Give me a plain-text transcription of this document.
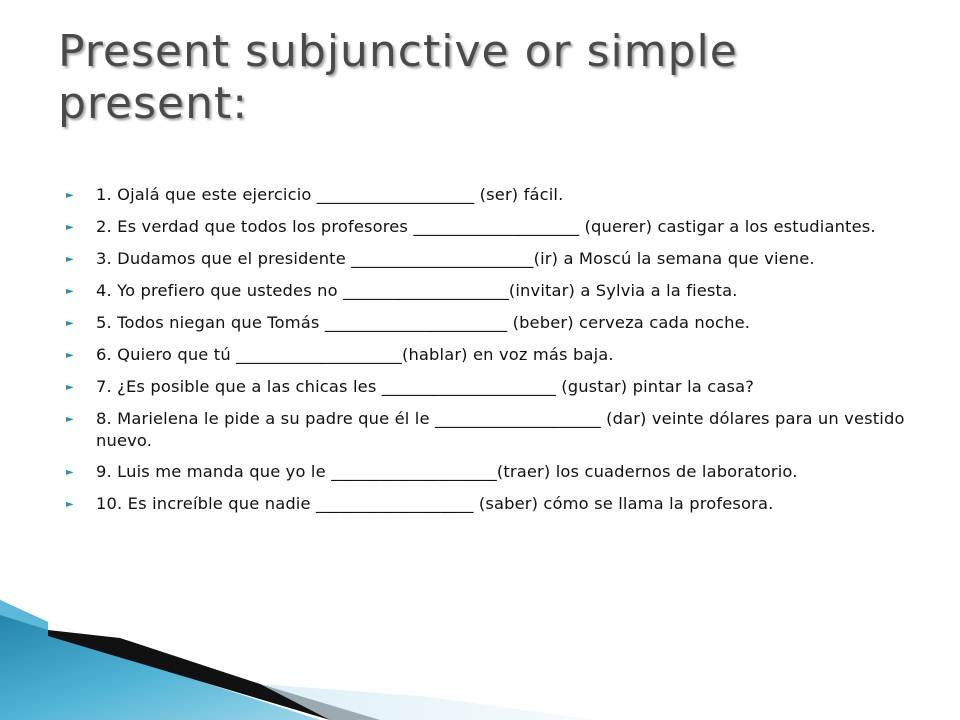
Present subjunctive or simple present:
►	1. Ojalá que este ejercicio ___________________ (ser) fácil.
►	2. Es verdad que todos los profesores ____________________ (querer) castigar a los estudiantes.
►	3. Dudamos que el presidente ______________________(ir) a Moscú la semana que viene.
►	4. Yo prefiero que ustedes no ____________________(invitar) a Sylvia a la fiesta.
►	5. Todos niegan que Tomás ______________________ (beber) cerveza cada noche.
►	6. Quiero que tú ____________________(hablar) en voz más baja.
►	7. ¿Es posible que a las chicas les _____________________ (gustar) pintar la casa?
►	8. Marielena le pide a su padre que él le ____________________ (dar) veinte dólares para un vestido nuevo.
►	9. Luis me manda que yo le ____________________(traer) los cuadernos de laboratorio.
►	10. Es increíble que nadie ___________________ (saber) cómo se llama la profesora.
